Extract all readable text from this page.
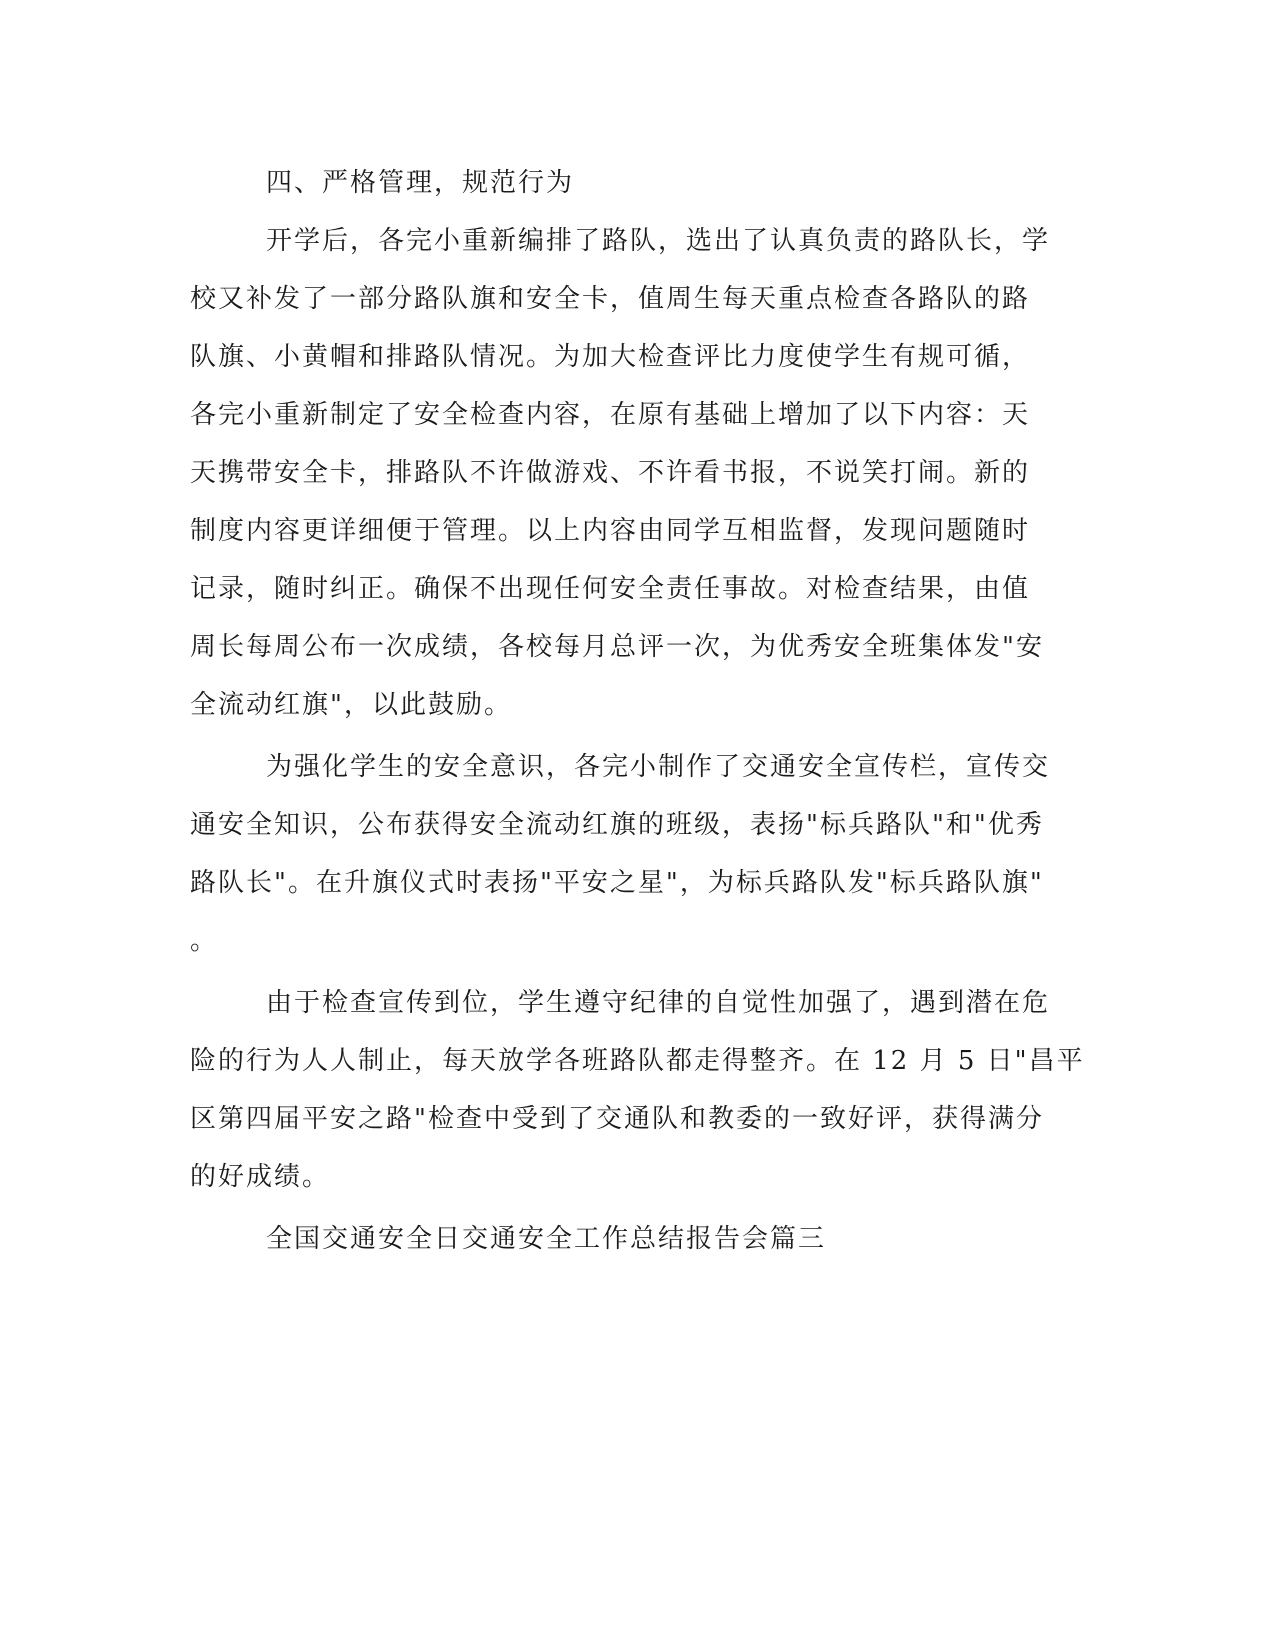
四、严格管理，规范行为
开学后，各完小重新编排了路队，选出了认真负责的路队长，学
校又补发了一部分路队旗和安全卡，值周生每天重点检查各路队的路
队旗、小黄帽和排路队情况。为加大检查评比力度使学生有规可循，
各完小重新制定了安全检查内容，在原有基础上增加了以下内容：天
天携带安全卡，排路队不许做游戏、不许看书报，不说笑打闹。新的
制度内容更详细便于管理。以上内容由同学互相监督，发现问题随时
记录，随时纠正。确保不出现任何安全责任事故。对检查结果，由值
周长每周公布一次成绩，各校每月总评一次，为优秀安全班集体发"安
全流动红旗"，以此鼓励。
为强化学生的安全意识，各完小制作了交通安全宣传栏，宣传交
通安全知识，公布获得安全流动红旗的班级，表扬"标兵路队"和"优秀
路队长"。在升旗仪式时表扬"平安之星"，为标兵路队发"标兵路队旗"
。
由于检查宣传到位，学生遵守纪律的自觉性加强了，遇到潜在危
险的行为人人制止，每天放学各班路队都走得整齐。在 12 月 5 日"昌平
区第四届平安之路"检查中受到了交通队和教委的一致好评，获得满分
的好成绩。
全国交通安全日交通安全工作总结报告会篇三
